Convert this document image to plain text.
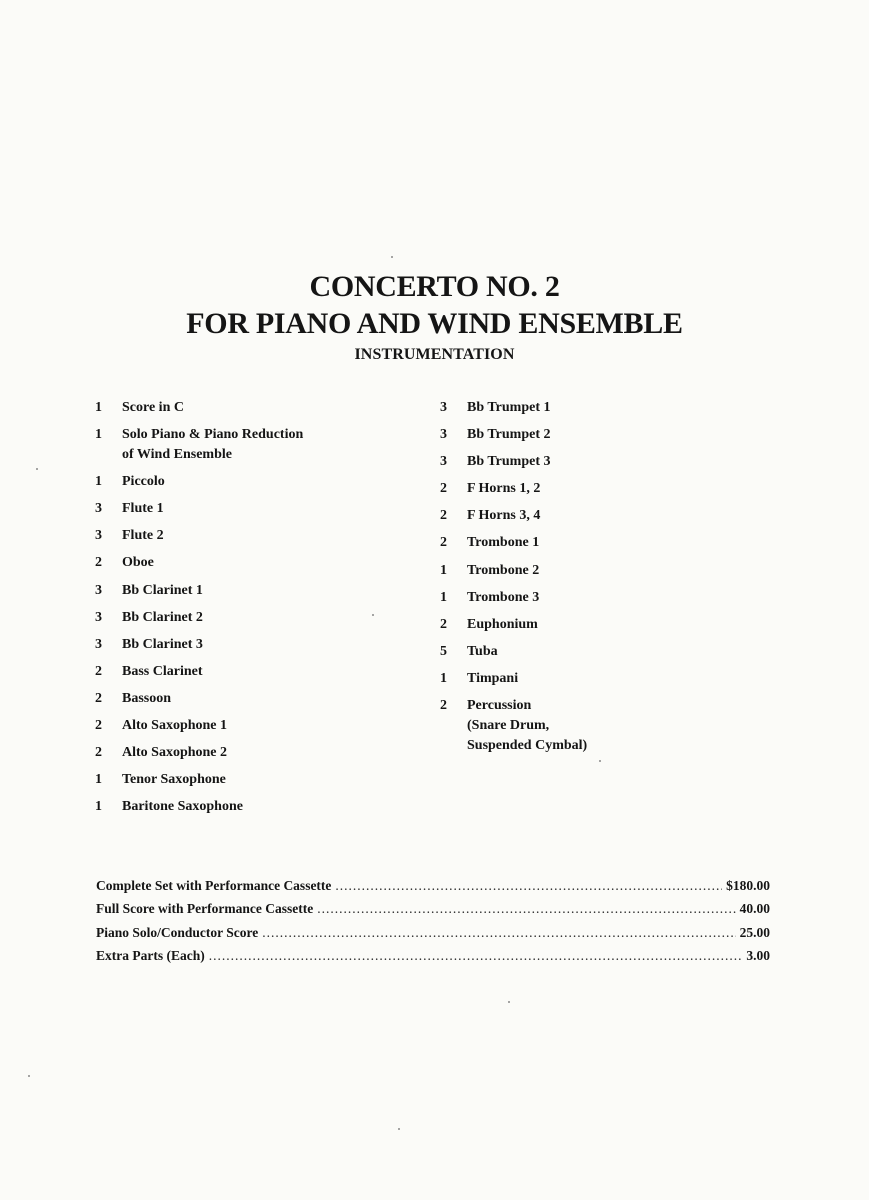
CONCERTO NO. 2
FOR PIANO AND WIND ENSEMBLE
INSTRUMENTATION
1	Score in C
1	Solo Piano & Piano Reduction
of Wind Ensemble
1	Piccolo
3	Flute 1
3	Flute 2
2	Oboe
3	Bb Clarinet 1
3	Bb Clarinet 2
3	Bb Clarinet 3
2	Bass Clarinet
2	Bassoon
2	Alto Saxophone 1
2	Alto Saxophone 2
1	Tenor Saxophone
1	Baritone Saxophone
3	Bb Trumpet 1
3	Bb Trumpet 2
3	Bb Trumpet 3
2	F Horns 1, 2
2	F Horns 3, 4
2	Trombone 1
1	Trombone 2
1	Trombone 3
2	Euphonium
5	Tuba
1	Timpani
2	Percussion
(Snare Drum,
Suspended Cymbal)
Complete Set with Performance Cassette .....	$180.00
Full Score with Performance Cassette .....	40.00
Piano Solo/Conductor Score .....	25.00
Extra Parts (Each) .....	3.00
